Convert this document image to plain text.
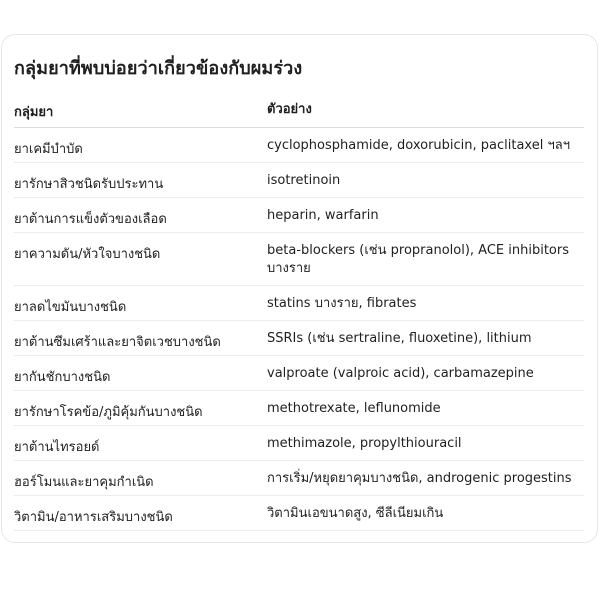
กลุ่มยาที่พบบ่อยว่าเกี่ยวข้องกับผมร่วง
กลุ่มยา	ตัวอย่าง
ยาเคมีบำบัด	cyclophosphamide, doxorubicin, paclitaxel ฯลฯ
ยารักษาสิวชนิดรับประทาน	isotretinoin
ยาต้านการแข็งตัวของเลือด	heparin, warfarin
ยาความดัน/หัวใจบางชนิด	beta-blockers (เช่น propranolol), ACE inhibitors บางราย
ยาลดไขมันบางชนิด	statins บางราย, fibrates
ยาต้านซึมเศร้าและยาจิตเวชบางชนิด	SSRIs (เช่น sertraline, fluoxetine), lithium
ยากันชักบางชนิด	valproate (valproic acid), carbamazepine
ยารักษาโรคข้อ/ภูมิคุ้มกันบางชนิด	methotrexate, leflunomide
ยาต้านไทรอยด์	methimazole, propylthiouracil
ฮอร์โมนและยาคุมกำเนิด	การเริ่ม/หยุดยาคุมบางชนิด, androgenic progestins
วิตามิน/อาหารเสริมบางชนิด	วิตามินเอขนาดสูง, ซีลีเนียมเกิน
